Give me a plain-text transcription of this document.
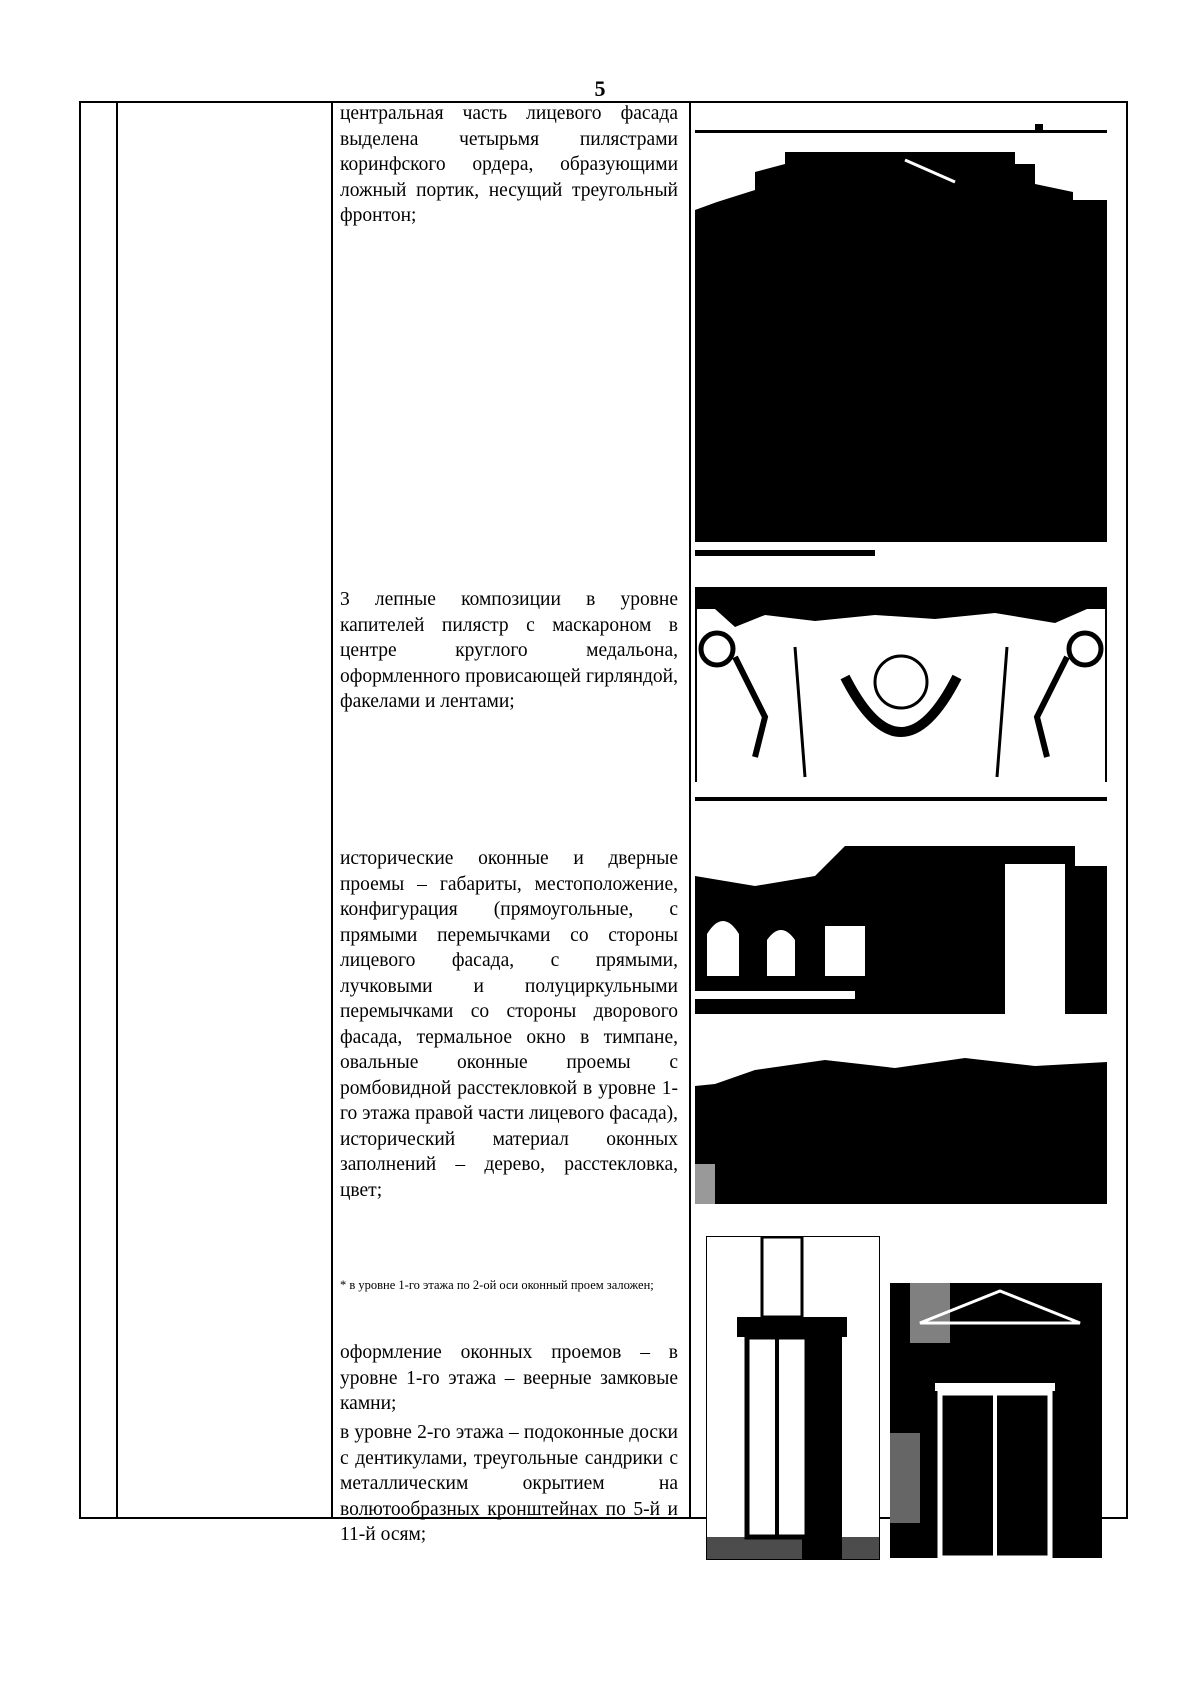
5
центральная часть лицевого фасада выделена четырьмя пилястрами коринфского ордера, образующими ложный портик, несущий треугольный фронтон;
3 лепные композиции в уровне капителей пилястр с маскароном в центре круглого медальона, оформленного провисающей гирляндой, факелами и лентами;
исторические оконные и дверные проемы – габариты, местоположение, конфигурация (прямоугольные, с прямыми перемычками со стороны лицевого фасада, с прямыми, лучковыми и полуциркульными перемычками со стороны дворового фасада, термальное окно в тимпане, овальные оконные проемы с ромбовидной расстекловкой в уровне 1-го этажа правой части лицевого фасада), исторический материал оконных заполнений – дерево, расстекловка, цвет;
* в уровне 1-го этажа по 2-ой оси оконный проем заложен;
оформление оконных проемов – в уровне 1-го этажа – веерные замковые камни;
в уровне 2-го этажа – подоконные доски с дентикулами, треугольные сандрики с металлическим окрытием на волютообразных кронштейнах по 5-й и 11-й осям;
